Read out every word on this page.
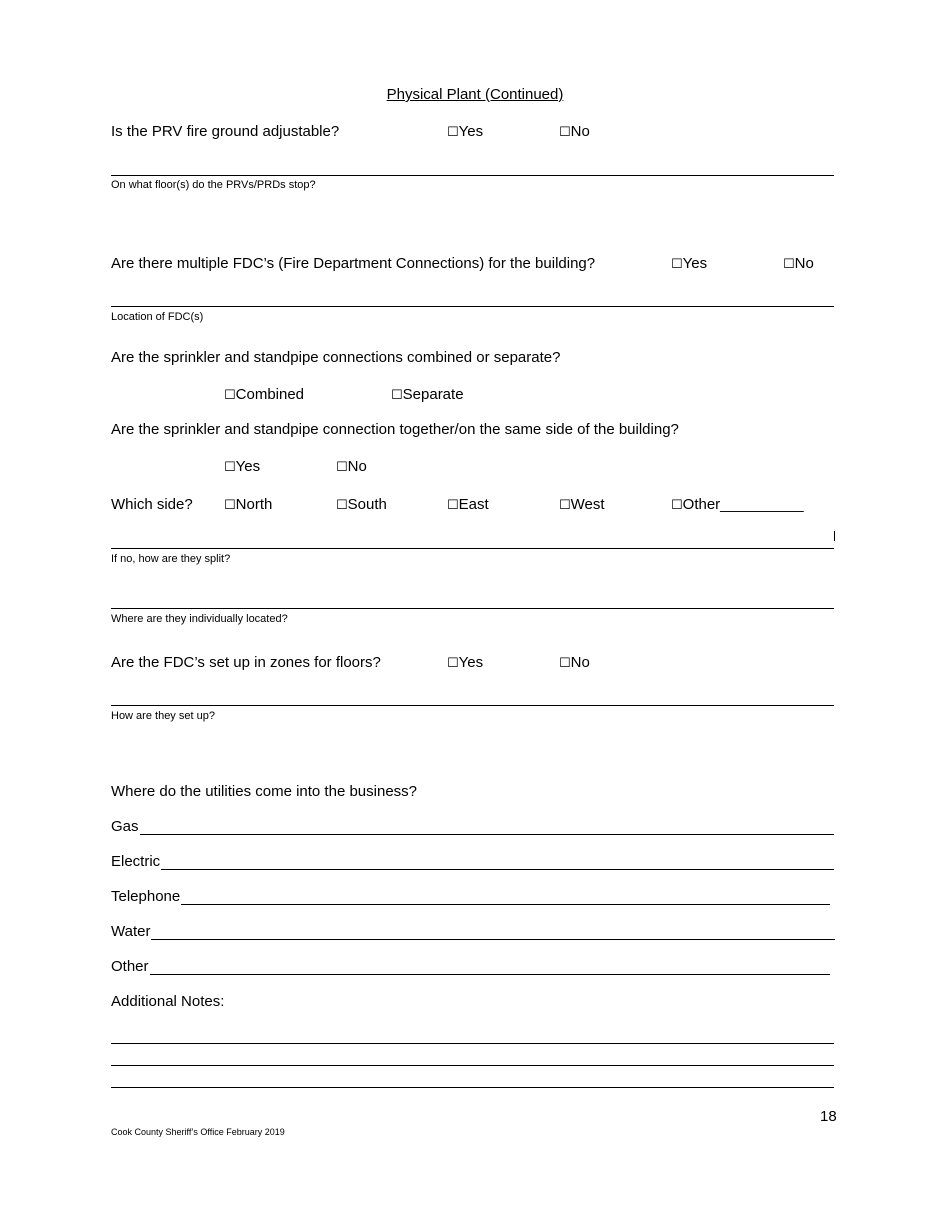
Physical Plant (Continued)
Is the PRV fire ground adjustable?	☐Yes	☐No
On what floor(s) do the PRVs/PRDs stop?
Are there multiple FDC’s (Fire Department Connections) for the building?	☐Yes	☐No
Location of FDC(s)
Are the sprinkler and standpipe connections combined or separate?
☐Combined	☐Separate
Are the sprinkler and standpipe connection together/on the same side of the building?
☐Yes	☐No
Which side? ☐North	☐South	☐East	☐West	☐Other__________
If no, how are they split?
Where are they individually located?
Are the FDC’s set up in zones for floors?	☐Yes	☐No
How are they set up?
Where do the utilities come into the business?
Gas
Electric
Telephone
Water
Other
Additional Notes:
18
Cook County Sheriff’s Office February 2019
